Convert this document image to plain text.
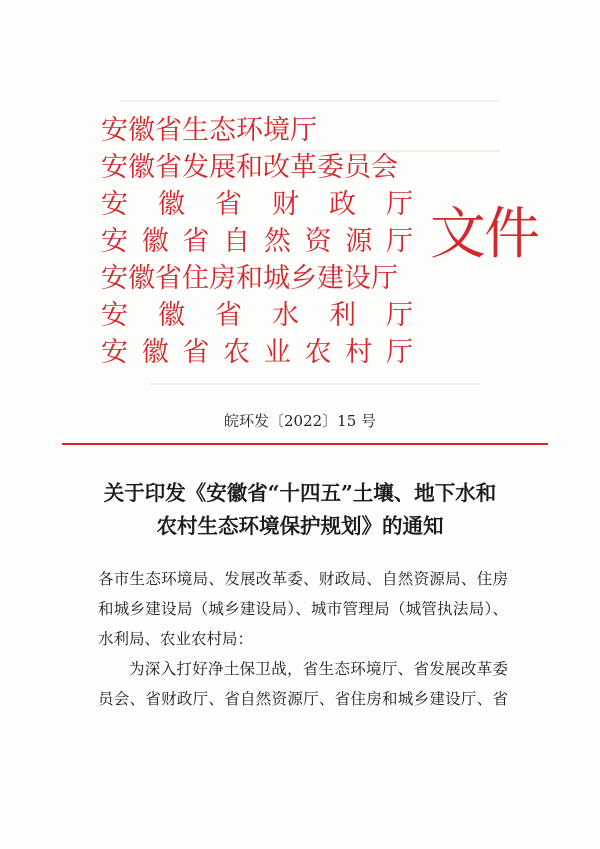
安徽省生态环境厅
安徽省发展和改革委员会
安 徽 省 财 政 厅
安 徽 省 自 然 资 源 厅
安徽省住房和城乡建设厅
安 徽 省 水 利 厅
安 徽 省 农 业 农 村 厅
文件
皖环发〔2022〕15 号
关于印发《安徽省“十四五”土壤、地下水和
农村生态环境保护规划》的通知
各市生态环境局、发展改革委、财政局、自然资源局、住房
和城乡建设局（城乡建设局）、城市管理局（城管执法局）、
水利局、农业农村局：
为深入打好净土保卫战，省生态环境厅、省发展改革委
员会、省财政厅、省自然资源厅、省住房和城乡建设厅、省
